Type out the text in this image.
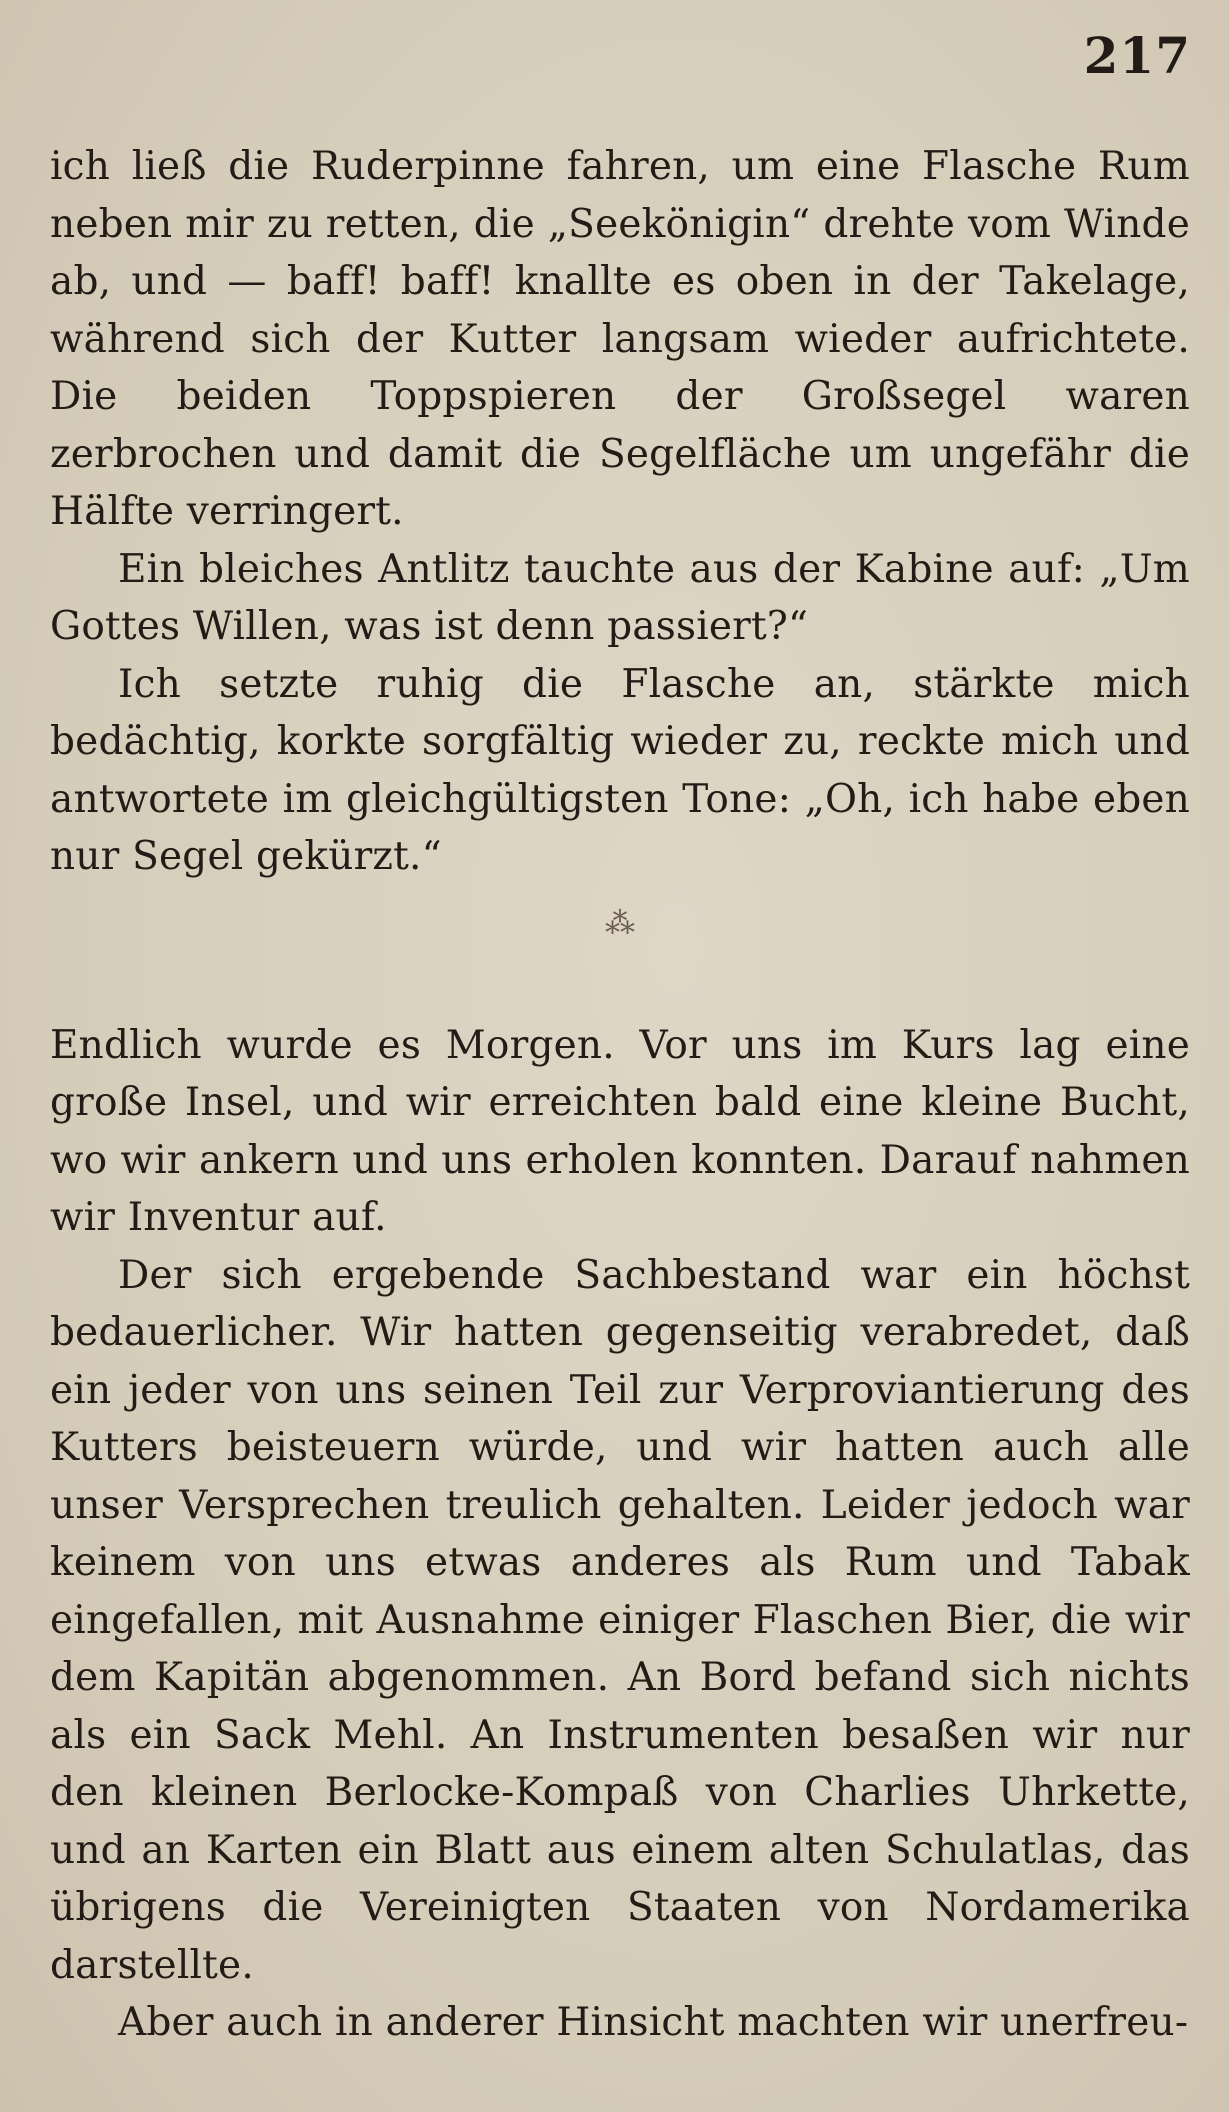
217

ich ließ die Ruderpinne fahren, um eine Flasche Rum neben mir zu retten, die „Seekönigin“ drehte vom Winde ab, und — baff! baff! knallte es oben in der Takelage, während sich der Kutter langsam wieder aufrichtete. Die beiden Toppspieren der Großsegel waren zerbrochen und damit die Segelfläche um ungefähr die Hälfte verringert.

Ein bleiches Antlitz tauchte aus der Kabine auf: „Um Gottes Willen, was ist denn passiert?“

Ich setzte ruhig die Flasche an, stärkte mich bedächtig, korkte sorgfältig wieder zu, reckte mich und antwortete im gleichgültigsten Tone: „Oh, ich habe eben nur Segel gekürzt.“

⁂

Endlich wurde es Morgen. Vor uns im Kurs lag eine große Insel, und wir erreichten bald eine kleine Bucht, wo wir ankern und uns erholen konnten. Darauf nahmen wir Inventur auf.

Der sich ergebende Sachbestand war ein höchst bedauerlicher. Wir hatten gegenseitig verabredet, daß ein jeder von uns seinen Teil zur Verproviantierung des Kutters beisteuern würde, und wir hatten auch alle unser Versprechen treulich gehalten. Leider jedoch war keinem von uns etwas anderes als Rum und Tabak eingefallen, mit Ausnahme einiger Flaschen Bier, die wir dem Kapitän abgenommen. An Bord befand sich nichts als ein Sack Mehl. An Instrumenten besaßen wir nur den kleinen Berlocke-Kompaß von Charlies Uhrkette, und an Karten ein Blatt aus einem alten Schulatlas, das übrigens die Vereinigten Staaten von Nordamerika darstellte.

Aber auch in anderer Hinsicht machten wir unerfreu-
